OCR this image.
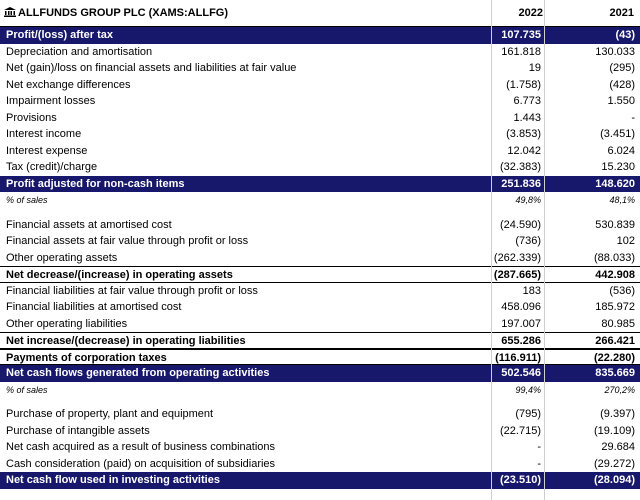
ALLFUNDS GROUP PLC (XAMS:ALLFG)	2022	2021
Profit/(loss) after tax	107.735	(43)
Depreciation and amortisation	161.818	130.033
Net (gain)/loss on financial assets and liabilities at fair value	19	(295)
Net exchange differences	(1.758)	(428)
Impairment losses	6.773	1.550
Provisions	1.443	-
Interest income	(3.853)	(3.451)
Interest expense	12.042	6.024
Tax (credit)/charge	(32.383)	15.230
Profit adjusted for non-cash items	251.836	148.620
% of sales	49,8%	48,1%
Financial assets at amortised cost	(24.590)	530.839
Financial assets at fair value through profit or loss	(736)	102
Other operating assets	(262.339)	(88.033)
Net decrease/(increase) in operating assets	(287.665)	442.908
Financial liabilities at fair value through profit or loss	183	(536)
Financial liabilities at amortised cost	458.096	185.972
Other operating liabilities	197.007	80.985
Net increase/(decrease) in operating liabilities	655.286	266.421
Payments of corporation taxes	(116.911)	(22.280)
Net cash flows generated from operating activities	502.546	835.669
% of sales	99,4%	270,2%
Purchase of property, plant and equipment	(795)	(9.397)
Purchase of intangible assets	(22.715)	(19.109)
Net cash acquired as a result of business combinations	-	29.684
Cash consideration (paid) on acquisition of subsidiaries	-	(29.272)
Net cash flow used in investing activities	(23.510)	(28.094)
